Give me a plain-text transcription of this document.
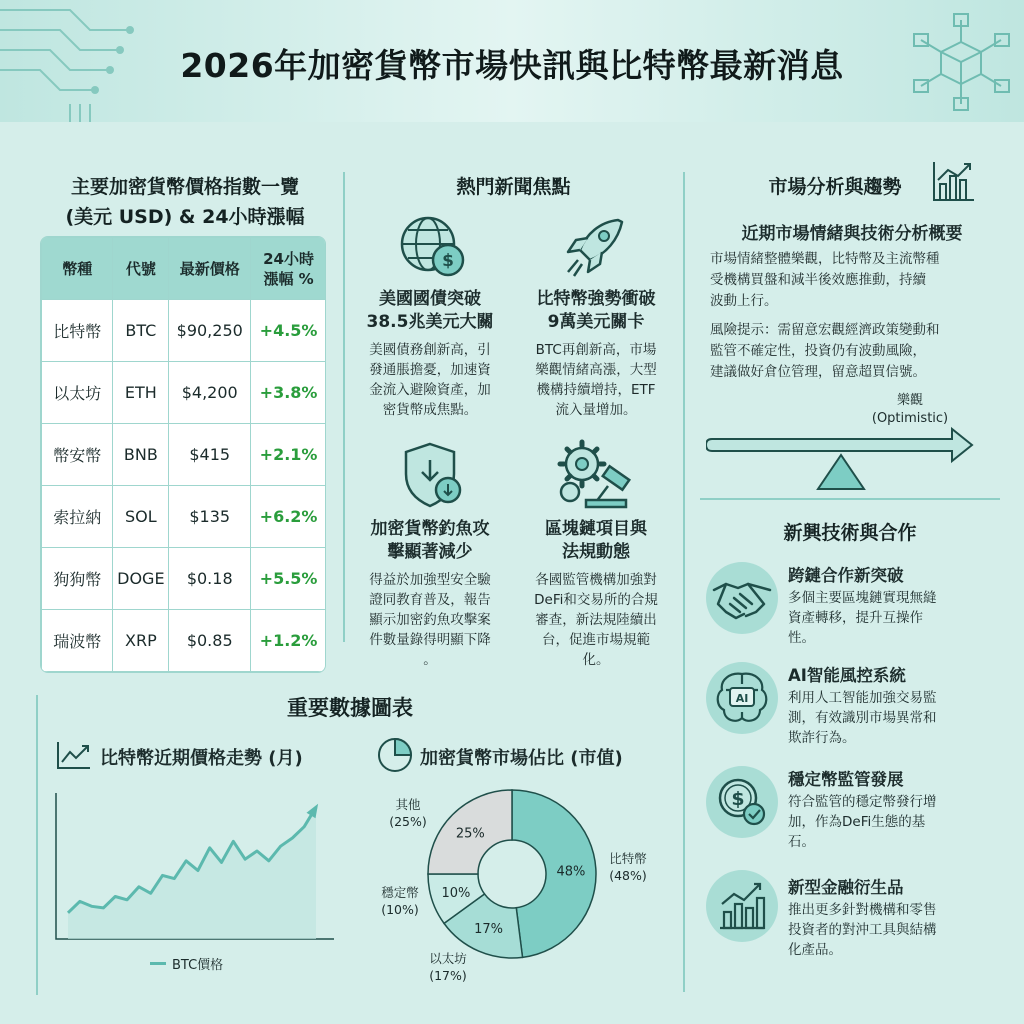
2026年加密貨幣市場快訊與比特幣最新消息
主要加密貨幣價格指數一覽
(美元 USD) & 24小時漲幅
幣種	代號	最新價格	24小時
漲幅 %

比特幣	BTC	$90,250	+4.5%
以太坊	ETH	$4,200	+3.8%
幣安幣	BNB	$415	+2.1%
索拉納	SOL	$135	+6.2%
狗狗幣	DOGE	$0.18	+5.5%
瑞波幣	XRP	$0.85	+1.2%
熱門新聞焦點
$
美國國債突破
38.5兆美元大關
美國債務創新高，引
發通脹擔憂，加速資
金流入避險資產，加
密貨幣成焦點。
比特幣強勢衝破
9萬美元關卡
BTC再創新高，市場
樂觀情緒高漲，大型
機構持續增持，ETF
流入量增加。
加密貨幣釣魚攻
擊顯著減少
得益於加強型安全驗
證同教育普及，報告
顯示加密釣魚攻擊案
件數量錄得明顯下降
。
區塊鏈項目與
法規動態
各國監管機構加強對
DeFi和交易所的合規
審查，新法規陸續出
台，促進市場規範
化。
市場分析與趨勢
近期市場情緒與技術分析概要
市場情緒整體樂觀，比特幣及主流幣種
受機構買盤和減半後效應推動，持續
波動上行。
風險提示：需留意宏觀經濟政策變動和
監管不確定性，投資仍有波動風險，
建議做好倉位管理，留意超買信號。
樂觀
(Optimistic)
新興技術與合作
跨鏈合作新突破
多個主要區塊鏈實現無縫
資產轉移，提升互操作
性。
AI
AI智能風控系統
利用人工智能加強交易監
測，有效識別市場異常和
欺詐行為。
$
穩定幣監管發展
符合監管的穩定幣發行增
加，作為DeFi生態的基
石。
新型金融衍生品
推出更多針對機構和零售
投資者的對沖工具與結構
化產品。
重要數據圖表
比特幣近期價格走勢 (月)
BTC價格
加密貨幣市場佔比 (市值)
48%
17%
10%
25%
其他
(25%)
穩定幣
(10%)
以太坊
(17%)
比特幣
(48%)
